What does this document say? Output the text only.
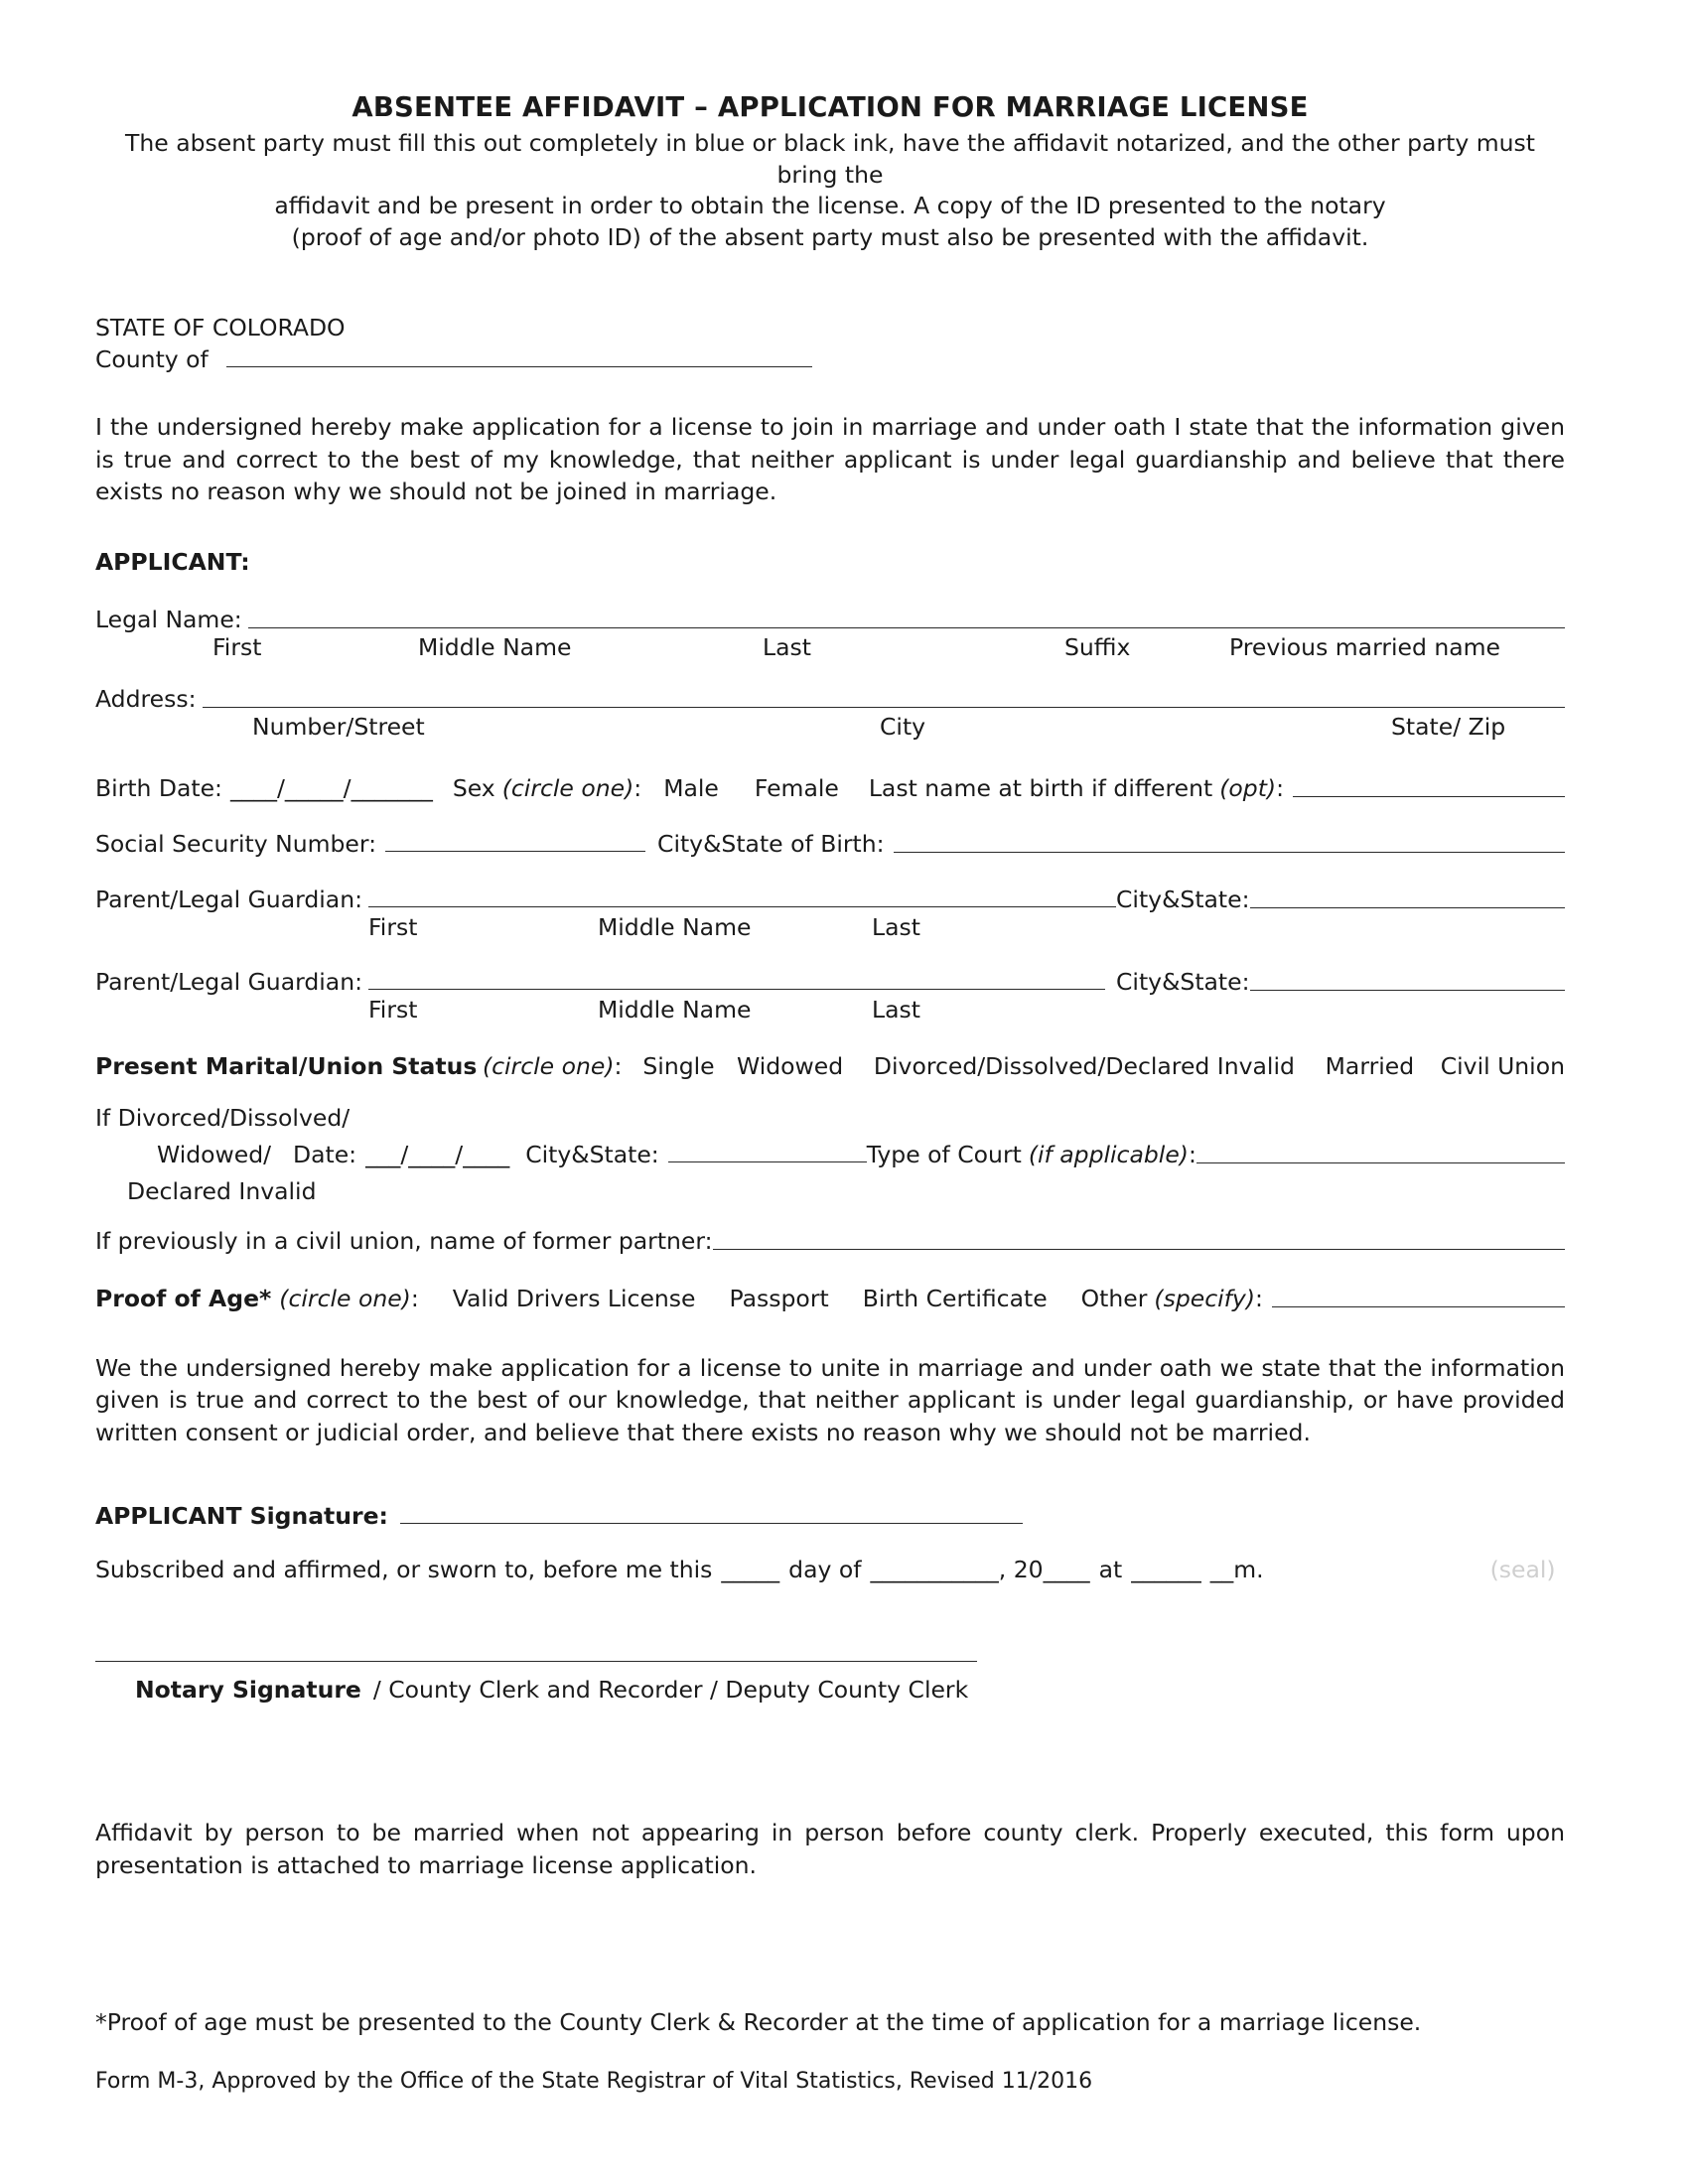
ABSENTEE AFFIDAVIT – APPLICATION FOR MARRIAGE LICENSE
The absent party must fill this out completely in blue or black ink, have the affidavit notarized, and the other party must bring the
affidavit and be present in order to obtain the license. A copy of the ID presented to the notary
(proof of age and/or photo ID) of the absent party must also be presented with the affidavit.
STATE OF COLORADO
County of
I the undersigned hereby make application for a license to join in marriage and under oath I state that the information given is true and correct to the best of my knowledge, that neither applicant is under legal guardianship and believe that there exists no reason why we should not be joined in marriage.
APPLICANT:
Legal Name:
First	Middle Name	Last	Suffix	Previous married name
Address:
Number/Street	City	State/ Zip
Birth Date: ____ / _____ / _______ Sex (circle one) : Male Female Last name at birth if different (opt) :
Social Security Number:	City&State of Birth:
Parent/Legal Guardian:	City&State:
First	Middle Name	Last
Parent/Legal Guardian:	City&State:
First	Middle Name	Last
Present Marital/Union Status (circle one) : Single Widowed Divorced/Dissolved/Declared Invalid Married Civil Union
If Divorced/Dissolved/
Widowed/
Declared Invalid
Date: ___ / ____ / ____ City&State:	Type of Court (if applicable) :
If previously in a civil union, name of former partner:
Proof of Age* (circle one) : Valid Drivers License Passport Birth Certificate Other (specify) :
We the undersigned hereby make application for a license to unite in marriage and under oath we state that the information given is true and correct to the best of our knowledge, that neither applicant is under legal guardianship, or have provided written consent or judicial order, and believe that there exists no reason why we should not be married.
APPLICANT Signature:
Subscribed and affirmed, or sworn to, before me this _____ day of ___________ , 20 ____ at ______ __m.	(seal)
Notary Signature / County Clerk and Recorder / Deputy County Clerk
Affidavit by person to be married when not appearing in person before county clerk. Properly executed, this form upon presentation is attached to marriage license application.
*Proof of age must be presented to the County Clerk & Recorder at the time of application for a marriage license.
Form M-3, Approved by the Office of the State Registrar of Vital Statistics, Revised 11/2016
